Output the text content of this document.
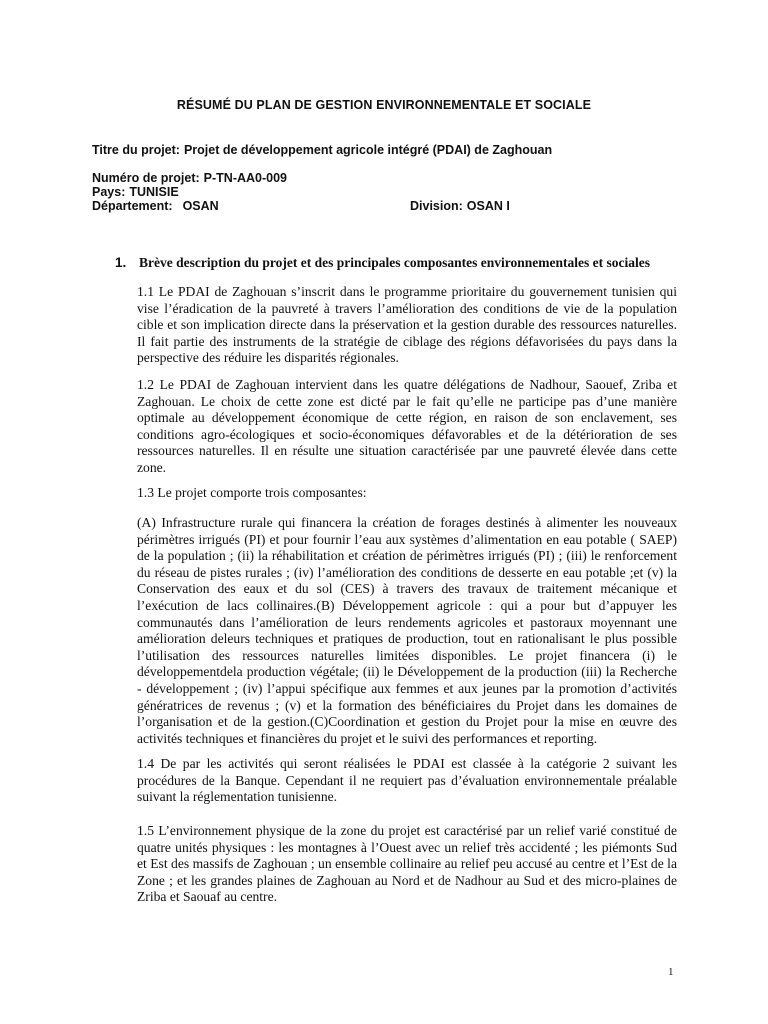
RÉSUMÉ DU PLAN DE GESTION ENVIRONNEMENTALE ET SOCIALE
Titre du projet: Projet de développement agricole intégré (PDAI) de Zaghouan
Numéro de projet: P-TN-AA0-009
Pays: TUNISIE
Département: OSAN	Division: OSAN I
1. Brève description du projet et des principales composantes environnementales et sociales
1.1 Le PDAI de Zaghouan s’inscrit dans le programme prioritaire du gouvernement tunisien qui vise l’éradication de la pauvreté à travers l’amélioration des conditions de vie de la population cible et son implication directe dans la préservation et la gestion durable des ressources naturelles. Il fait partie des instruments de la stratégie de ciblage des régions défavorisées du pays dans la perspective des réduire les disparités régionales.
1.2 Le PDAI de Zaghouan intervient dans les quatre délégations de Nadhour, Saouef, Zriba et Zaghouan. Le choix de cette zone est dicté par le fait qu’elle ne participe pas d’une manière optimale au développement économique de cette région, en raison de son enclavement, ses conditions agro-écologiques et socio-économiques défavorables et de la détérioration de ses ressources naturelles. Il en résulte une situation caractérisée par une pauvreté élevée dans cette zone.
1.3 Le projet comporte trois composantes:
(A) Infrastructure rurale qui financera la création de forages destinés à alimenter les nouveaux périmètres irrigués (PI) et pour fournir l’eau aux systèmes d’alimentation en eau potable ( SAEP) de la population ; (ii) la réhabilitation et création de périmètres irrigués (PI) ; (iii) le renforcement du réseau de pistes rurales ; (iv) l’amélioration des conditions de desserte en eau potable ;et (v) la Conservation des eaux et du sol (CES) à travers des travaux de traitement mécanique et l’exécution de lacs collinaires.(B) Développement agricole : qui a pour but d’appuyer les communautés dans l’amélioration de leurs rendements agricoles et pastoraux moyennant une amélioration deleurs techniques et pratiques de production, tout en rationalisant le plus possible l’utilisation des ressources naturelles limitées disponibles. Le projet financera (i) le développementdela production végétale; (ii) le Développement de la production (iii) la Recherche - développement ; (iv) l’appui spécifique aux femmes et aux jeunes par la promotion d’activités génératrices de revenus ; (v) et la formation des bénéficiaires du Projet dans les domaines de l’organisation et de la gestion.(C)Coordination et gestion du Projet pour la mise en œuvre des activités techniques et financières du projet et le suivi des performances et reporting.
1.4 De par les activités qui seront réalisées le PDAI est classée à la catégorie 2 suivant les procédures de la Banque. Cependant il ne requiert pas d’évaluation environnementale préalable suivant la réglementation tunisienne.
1.5 L’environnement physique de la zone du projet est caractérisé par un relief varié constitué de quatre unités physiques : les montagnes à l’Ouest avec un relief très accidenté ; les piémonts Sud et Est des massifs de Zaghouan ; un ensemble collinaire au relief peu accusé au centre et l’Est de la Zone ; et les grandes plaines de Zaghouan au Nord et de Nadhour au Sud et des micro-plaines de Zriba et Saouaf au centre.
1
